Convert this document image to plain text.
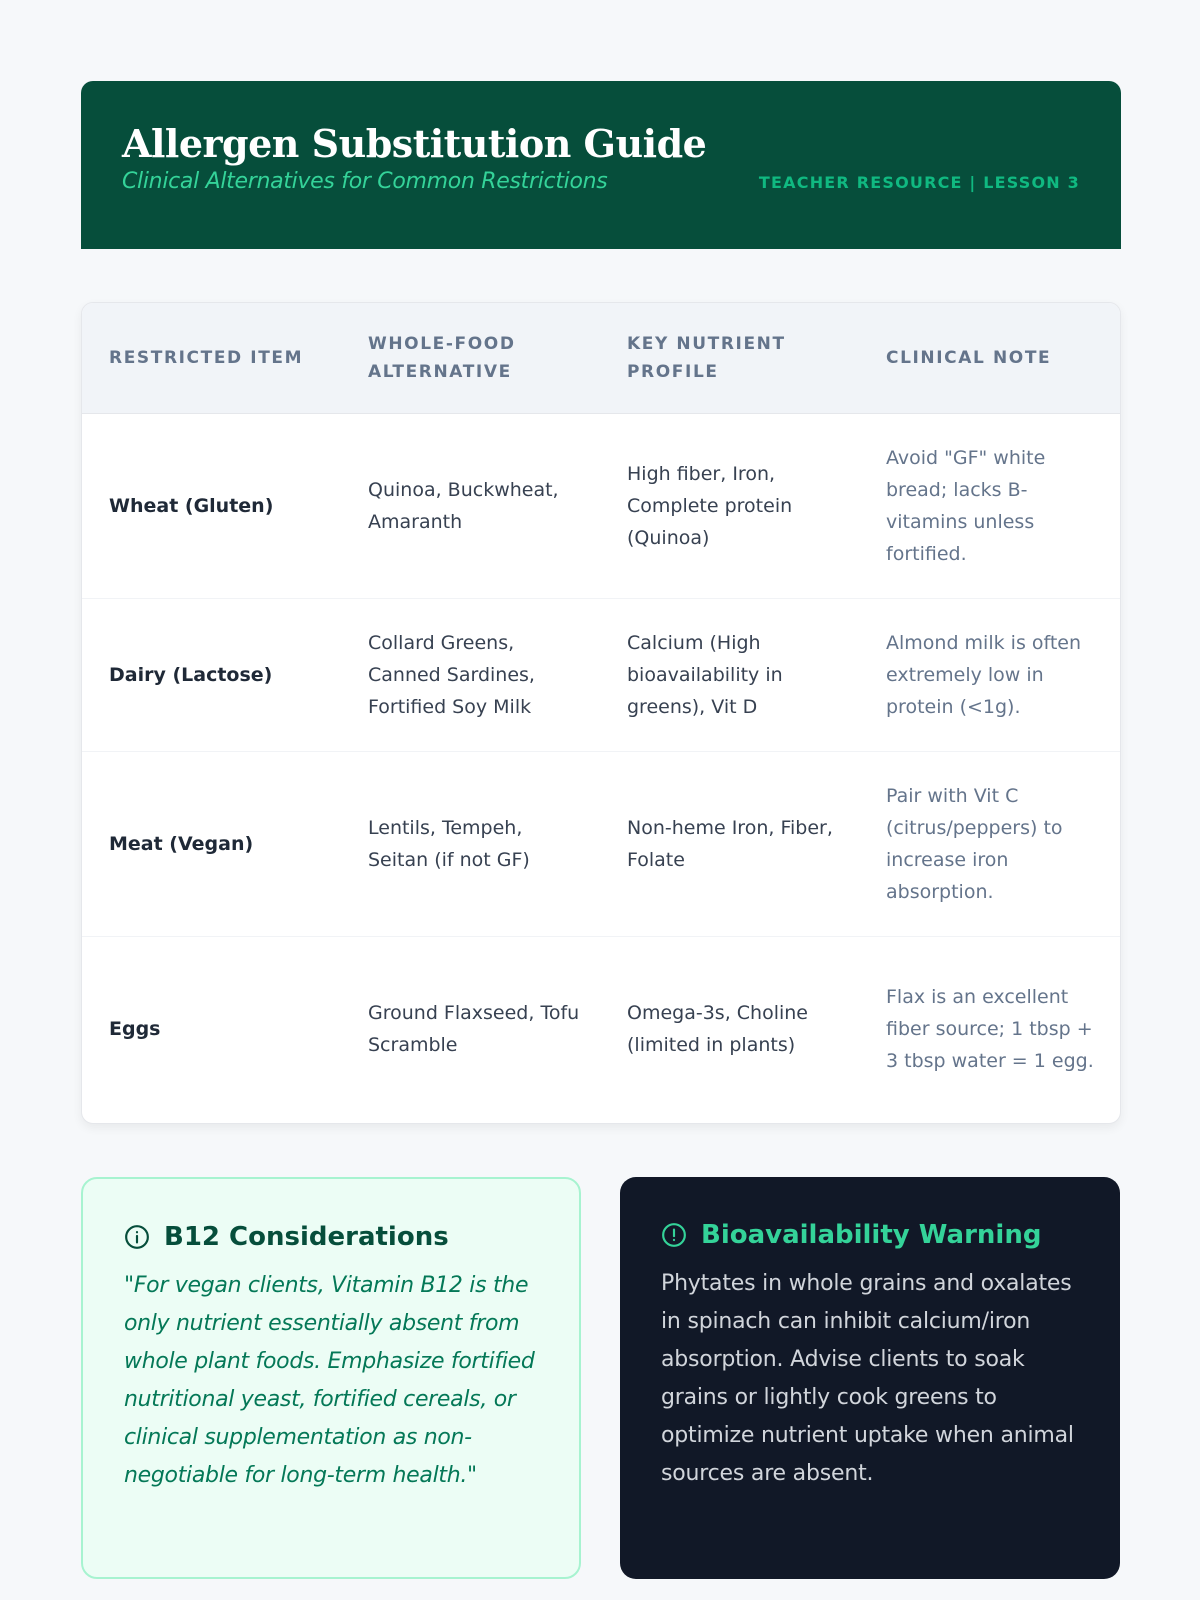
Allergen Substitution Guide
Clinical Alternatives for Common Restrictions	TEACHER RESOURCE | LESSON 3
RESTRICTED ITEM	WHOLE-FOOD ALTERNATIVE	KEY NUTRIENT PROFILE	CLINICAL NOTE
Wheat (Gluten)	Quinoa, Buckwheat, Amaranth	High fiber, Iron, Complete protein (Quinoa)	Avoid "GF" white bread; lacks B-vitamins unless fortified.
Dairy (Lactose)	Collard Greens, Canned Sardines, Fortified Soy Milk	Calcium (High bioavailability in greens), Vit D	Almond milk is often extremely low in protein (<1g).
Meat (Vegan)	Lentils, Tempeh, Seitan (if not GF)	Non-heme Iron, Fiber, Folate	Pair with Vit C (citrus/peppers) to increase iron absorption.
Eggs	Ground Flaxseed, Tofu Scramble	Omega-3s, Choline (limited in plants)	Flax is an excellent fiber source; 1 tbsp + 3 tbsp water = 1 egg.
B12 Considerations
"For vegan clients, Vitamin B12 is the only nutrient essentially absent from whole plant foods. Emphasize fortified nutritional yeast, fortified cereals, or clinical supplementation as non-negotiable for long-term health."
Bioavailability Warning
Phytates in whole grains and oxalates in spinach can inhibit calcium/iron absorption. Advise clients to soak grains or lightly cook greens to optimize nutrient uptake when animal sources are absent.
